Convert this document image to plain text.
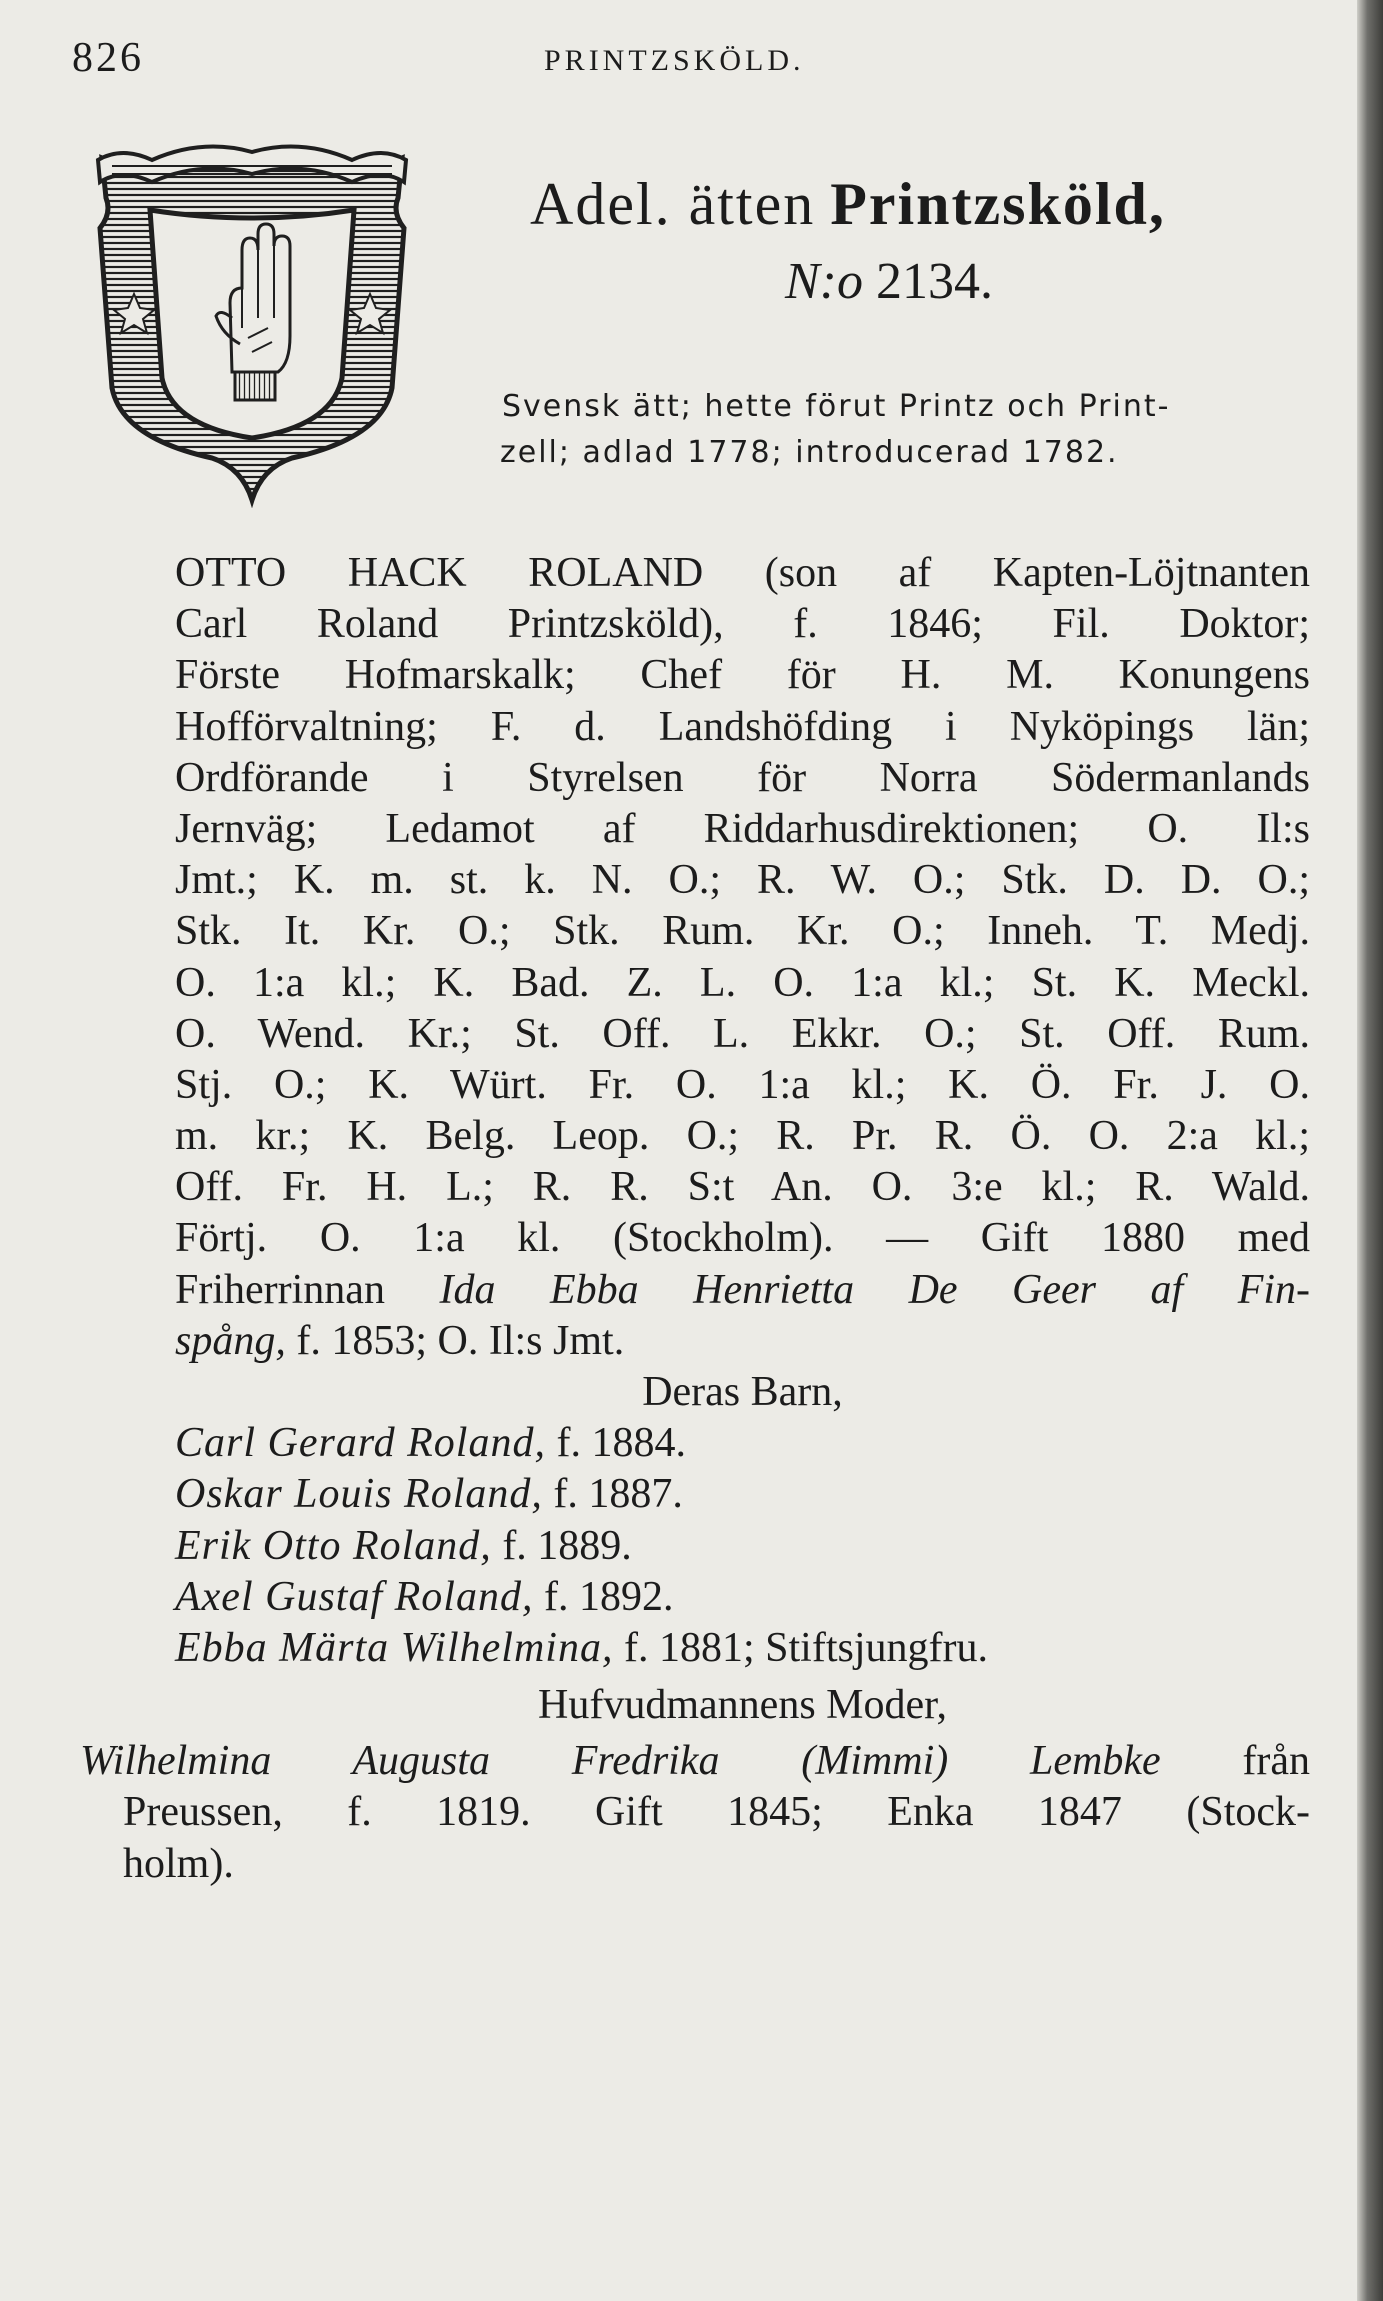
826	PRINTZSKÖLD.
Adel. ätten Printzsköld,
N:o 2134.
Svensk ätt; hette förut Printz och Print-
zell; adlad 1778; introducerad 1782.
OTTO HACK ROLAND (son af Kapten-Löjtnanten
Carl Roland Printzsköld), f. 1846; Fil. Doktor;
Förste Hofmarskalk; Chef för H. M. Konungens
Hofförvaltning; F. d. Landshöfding i Nyköpings län;
Ordförande i Styrelsen för Norra Södermanlands
Jernväg; Ledamot af Riddarhusdirektionen; O. Il:s
Jmt.; K. m. st. k. N. O.; R. W. O.; Stk. D. D. O.;
Stk. It. Kr. O.; Stk. Rum. Kr. O.; Inneh. T. Medj.
O. 1:a kl.; K. Bad. Z. L. O. 1:a kl.; St. K. Meckl.
O. Wend. Kr.; St. Off. L. Ekkr. O.; St. Off. Rum.
Stj. O.; K. Würt. Fr. O. 1:a kl.; K. Ö. Fr. J. O.
m. kr.; K. Belg. Leop. O.; R. Pr. R. Ö. O. 2:a kl.;
Off. Fr. H. L.; R. R. S:t An. O. 3:e kl.; R. Wald.
Förtj. O. 1:a kl. (Stockholm). — Gift 1880 med
Friherrinnan Ida Ebba Henrietta De Geer af Fin-
spång, f. 1853; O. Il:s Jmt.
Deras Barn,
Carl Gerard Roland, f. 1884.
Oskar Louis Roland, f. 1887.
Erik Otto Roland, f. 1889.
Axel Gustaf Roland, f. 1892.
Ebba Märta Wilhelmina, f. 1881; Stiftsjungfru.
Hufvudmannens Moder,
Wilhelmina Augusta Fredrika (Mimmi) Lembke från
Preussen, f. 1819. Gift 1845; Enka 1847 (Stock-
holm).
